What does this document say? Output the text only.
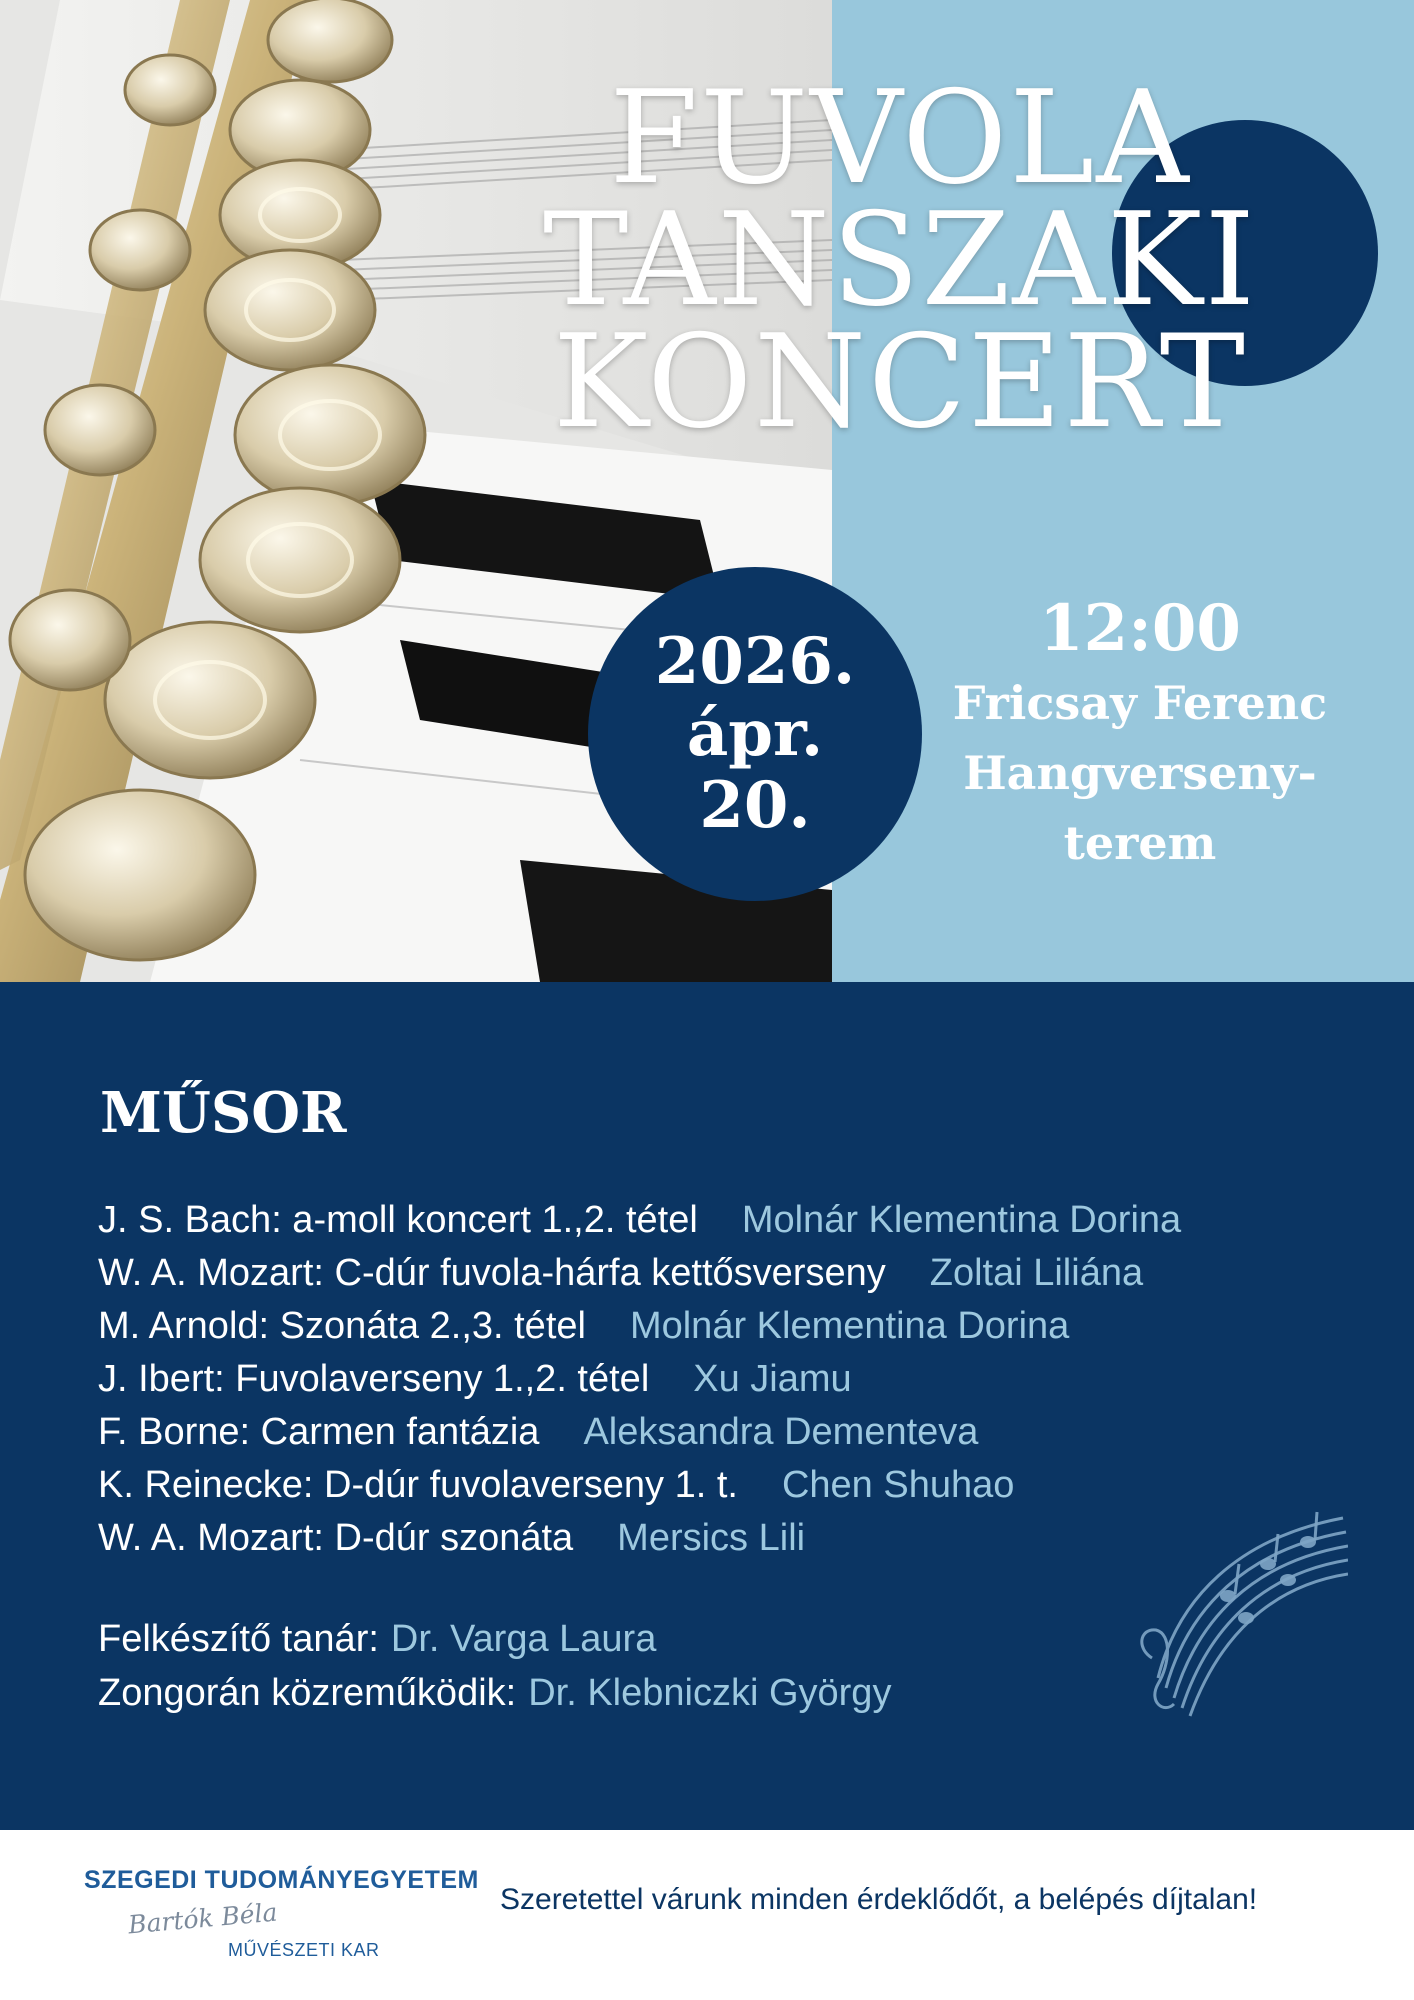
FUVOLA
TANSZAKI
KONCERT
2026.
ápr.
20.
12:00
Fricsay Ferenc
Hangverseny-
terem
MŰSOR
J. S. Bach: a-moll koncert 1.,2. tétel Molnár Klementina Dorina
W. A. Mozart: C-dúr fuvola-hárfa kettősverseny Zoltai Liliána
M. Arnold: Szonáta 2.,3. tétel Molnár Klementina Dorina
J. Ibert: Fuvolaverseny 1.,2. tétel Xu Jiamu
F. Borne: Carmen fantázia Aleksandra Dementeva
K. Reinecke: D-dúr fuvolaverseny 1. t. Chen Shuhao
W. A. Mozart: D-dúr szonáta Mersics Lili
Felkészítő tanár: Dr. Varga Laura
Zongorán közreműködik: Dr. Klebniczki György
SZEGEDI TUDOMÁNYEGYETEM
Bartók Béla
MŰVÉSZETI KAR
Szeretettel várunk minden érdeklődőt, a belépés díjtalan!
